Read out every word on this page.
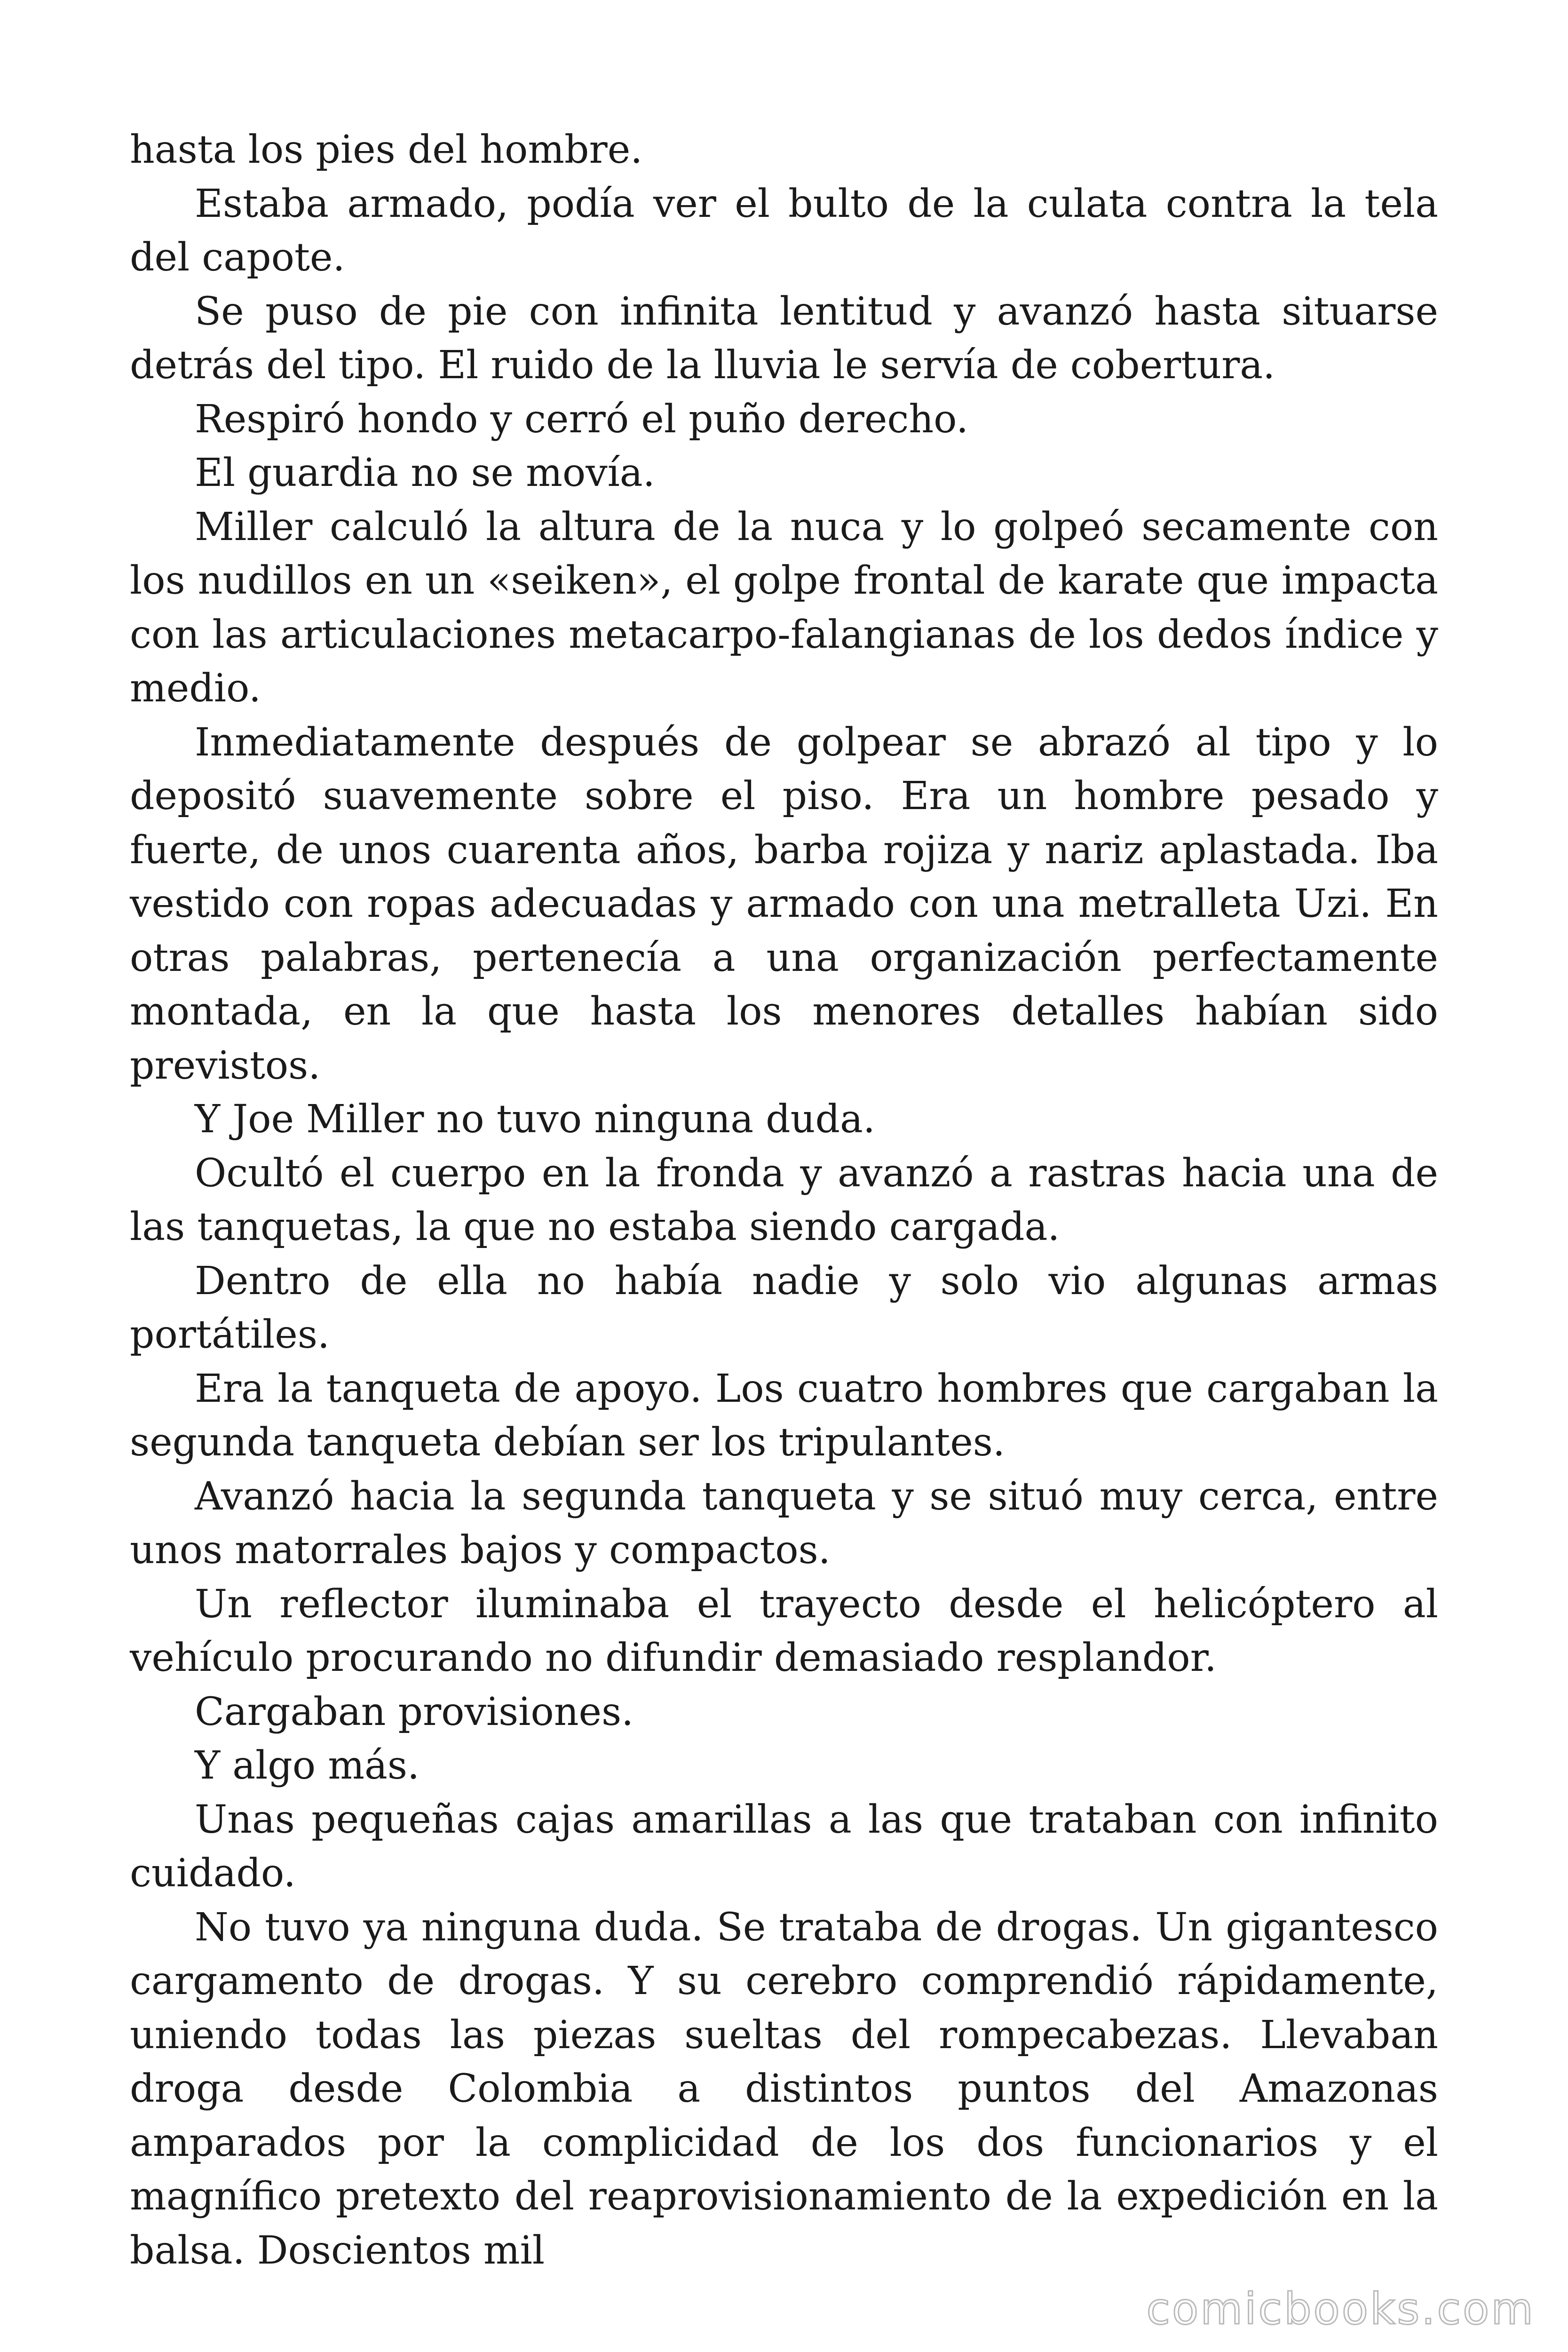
hasta los pies del hombre.

Estaba armado, podía ver el bulto de la culata contra la tela del capote.

Se puso de pie con infinita lentitud y avanzó hasta situarse detrás del tipo. El ruido de la lluvia le servía de cobertura.

Respiró hondo y cerró el puño derecho.

El guardia no se movía.

Miller calculó la altura de la nuca y lo golpeó secamente con los nudillos en un «seiken», el golpe frontal de karate que impacta con las articulaciones metacarpo-falangianas de los dedos índice y medio.

Inmediatamente después de golpear se abrazó al tipo y lo depositó suavemente sobre el piso. Era un hombre pesado y fuerte, de unos cuarenta años, barba rojiza y nariz aplastada. Iba vestido con ropas adecuadas y armado con una metralleta Uzi. En otras palabras, pertenecía a una organización perfectamente montada, en la que hasta los menores detalles habían sido previstos.

Y Joe Miller no tuvo ninguna duda.

Ocultó el cuerpo en la fronda y avanzó a rastras hacia una de las tanquetas, la que no estaba siendo cargada.

Dentro de ella no había nadie y solo vio algunas armas portátiles.

Era la tanqueta de apoyo. Los cuatro hombres que cargaban la segunda tanqueta debían ser los tripulantes.

Avanzó hacia la segunda tanqueta y se situó muy cerca, entre unos matorrales bajos y compactos.

Un reflector iluminaba el trayecto desde el helicóptero al vehículo procurando no difundir demasiado resplandor.

Cargaban provisiones.

Y algo más.

Unas pequeñas cajas amarillas a las que trataban con infinito cuidado.

No tuvo ya ninguna duda. Se trataba de drogas. Un gigantesco cargamento de drogas. Y su cerebro comprendió rápidamente, uniendo todas las piezas sueltas del rompecabezas. Llevaban droga desde Colombia a distintos puntos del Amazonas amparados por la complicidad de los dos funcionarios y el magnífico pretexto del reaprovisionamiento de la expedición en la balsa. Doscientos mil

comicbooks.com
